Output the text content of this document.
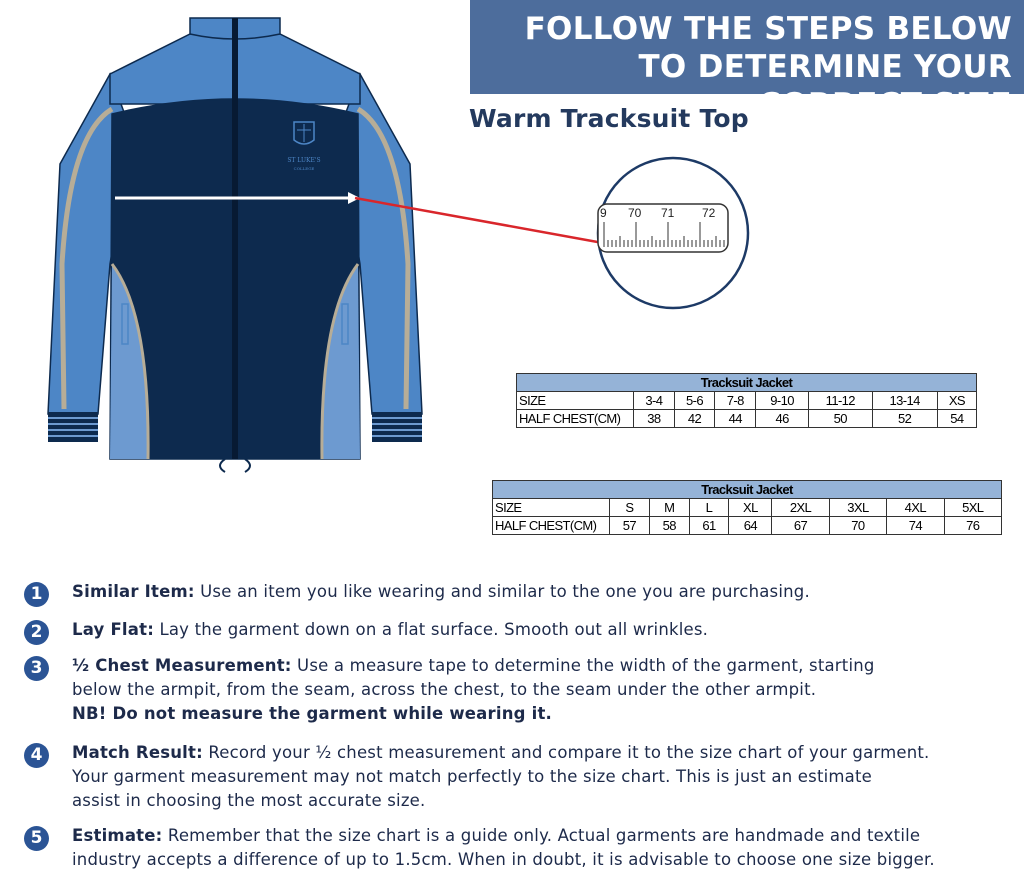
FOLLOW THE STEPS BELOW
TO DETERMINE YOUR CORRECT SIZE
Warm Tracksuit Top
ST LUKE'S
COLLEGE
9 70 71 72
Tracksuit Jacket							
SIZE	3-4	5-6	7-8	9-10	11-12	13-14	XS
HALF CHEST(CM)	38	42	44	46	50	52	54
Tracksuit Jacket								
SIZE	S	M	L	XL	2XL	3XL	4XL	5XL
HALF CHEST(CM)	57	58	61	64	67	70	74	76
1	Similar Item: Use an item you like wearing and similar to the one you are purchasing.
2	Lay Flat: Lay the garment down on a flat surface. Smooth out all wrinkles.
3	½ Chest Measurement: Use a measure tape to determine the width of the garment, starting
below the armpit, from the seam, across the chest, to the seam under the other armpit.
NB! Do not measure the garment while wearing it.
4	Match Result: Record your ½ chest measurement and compare it to the size chart of your garment.
Your garment measurement may not match perfectly to the size chart. This is just an estimate
assist in choosing the most accurate size.
5	Estimate: Remember that the size chart is a guide only. Actual garments are handmade and textile
industry accepts a difference of up to 1.5cm. When in doubt, it is advisable to choose one size bigger.
